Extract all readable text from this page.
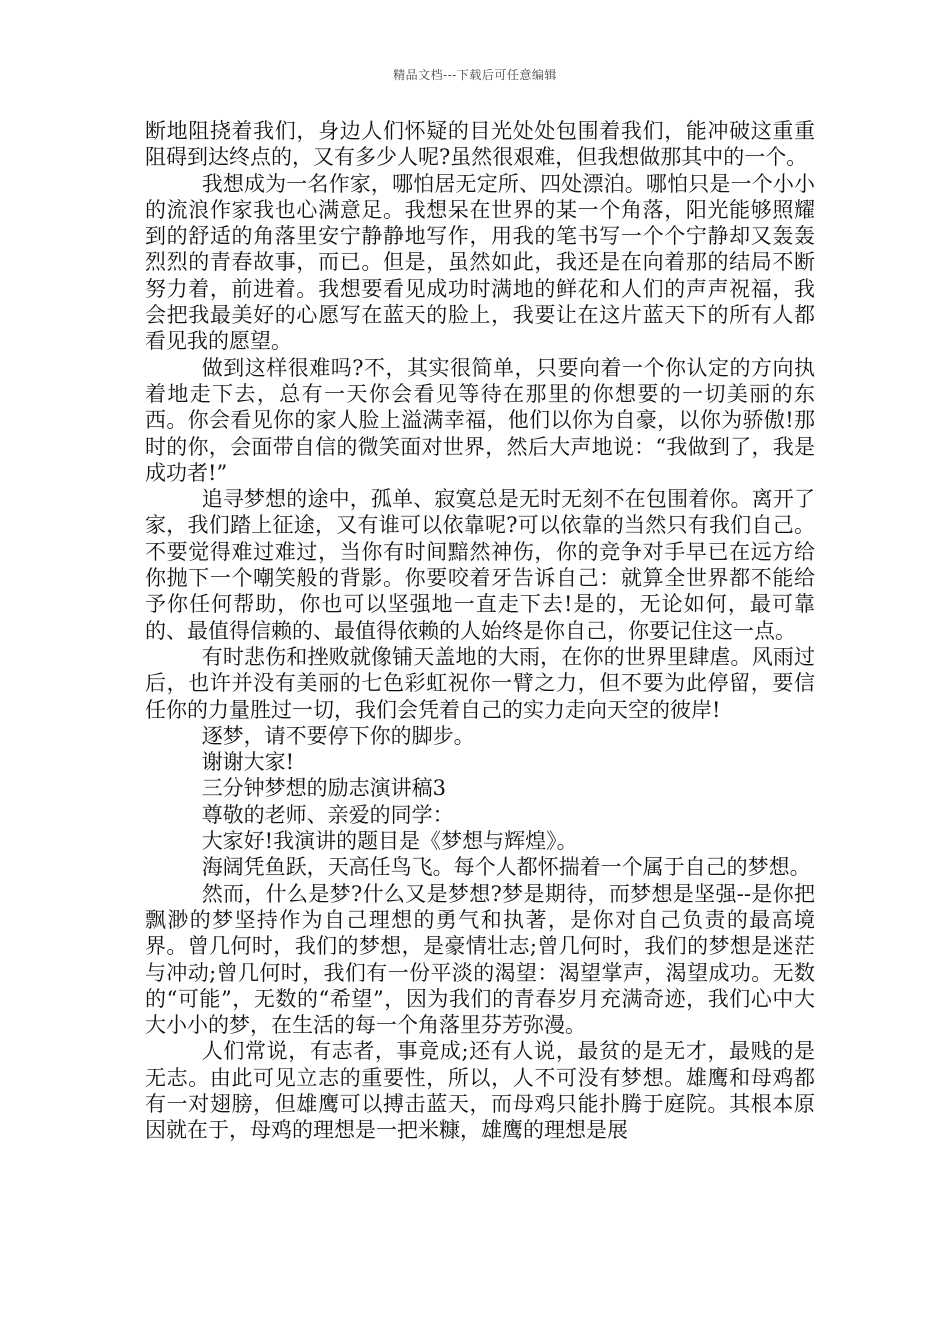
精品文档---下载后可任意编辑

断地阻挠着我们，身边人们怀疑的目光处处包围着我们，能冲破这重重阻碍到达终点的，又有多少人呢?虽然很艰难，但我想做那其中的一个。

我想成为一名作家，哪怕居无定所、四处漂泊。哪怕只是一个小小的流浪作家我也心满意足。我想呆在世界的某一个角落，阳光能够照耀到的舒适的角落里安宁静静地写作，用我的笔书写一个个宁静却又轰轰烈烈的青春故事，而已。但是，虽然如此，我还是在向着那的结局不断努力着，前进着。我想要看见成功时满地的鲜花和人们的声声祝福，我会把我最美好的心愿写在蓝天的脸上，我要让在这片蓝天下的所有人都看见我的愿望。

做到这样很难吗?不，其实很简单，只要向着一个你认定的方向执着地走下去，总有一天你会看见等待在那里的你想要的一切美丽的东西。你会看见你的家人脸上溢满幸福，他们以你为自豪，以你为骄傲!那时的你，会面带自信的微笑面对世界，然后大声地说：“我做到了，我是成功者!”

追寻梦想的途中，孤单、寂寞总是无时无刻不在包围着你。离开了家，我们踏上征途，又有谁可以依靠呢?可以依靠的当然只有我们自己。不要觉得难过难过，当你有时间黯然神伤，你的竞争对手早已在远方给你抛下一个嘲笑般的背影。你要咬着牙告诉自己：就算全世界都不能给予你任何帮助，你也可以坚强地一直走下去!是的，无论如何，最可靠的、最值得信赖的、最值得依赖的人始终是你自己，你要记住这一点。

有时悲伤和挫败就像铺天盖地的大雨，在你的世界里肆虐。风雨过后，也许并没有美丽的七色彩虹祝你一臂之力，但不要为此停留，要信任你的力量胜过一切，我们会凭着自己的实力走向天空的彼岸!

逐梦，请不要停下你的脚步。

谢谢大家!

三分钟梦想的励志演讲稿3

尊敬的老师、亲爱的同学：

大家好!我演讲的题目是《梦想与辉煌》。

海阔凭鱼跃，天高任鸟飞。每个人都怀揣着一个属于自己的梦想。

然而，什么是梦?什么又是梦想?梦是期待，而梦想是坚强--是你把飘渺的梦坚持作为自己理想的勇气和执著，是你对自己负责的最高境界。曾几何时，我们的梦想，是豪情壮志;曾几何时，我们的梦想是迷茫与冲动;曾几何时，我们有一份平淡的渴望：渴望掌声，渴望成功。无数的“可能”，无数的“希望”，因为我们的青春岁月充满奇迹，我们心中大大小小的梦，在生活的每一个角落里芬芳弥漫。

人们常说，有志者，事竟成;还有人说，最贫的是无才，最贱的是无志。由此可见立志的重要性，所以，人不可没有梦想。雄鹰和母鸡都有一对翅膀，但雄鹰可以搏击蓝天，而母鸡只能扑腾于庭院。其根本原因就在于，母鸡的理想是一把米糠，雄鹰的理想是展
